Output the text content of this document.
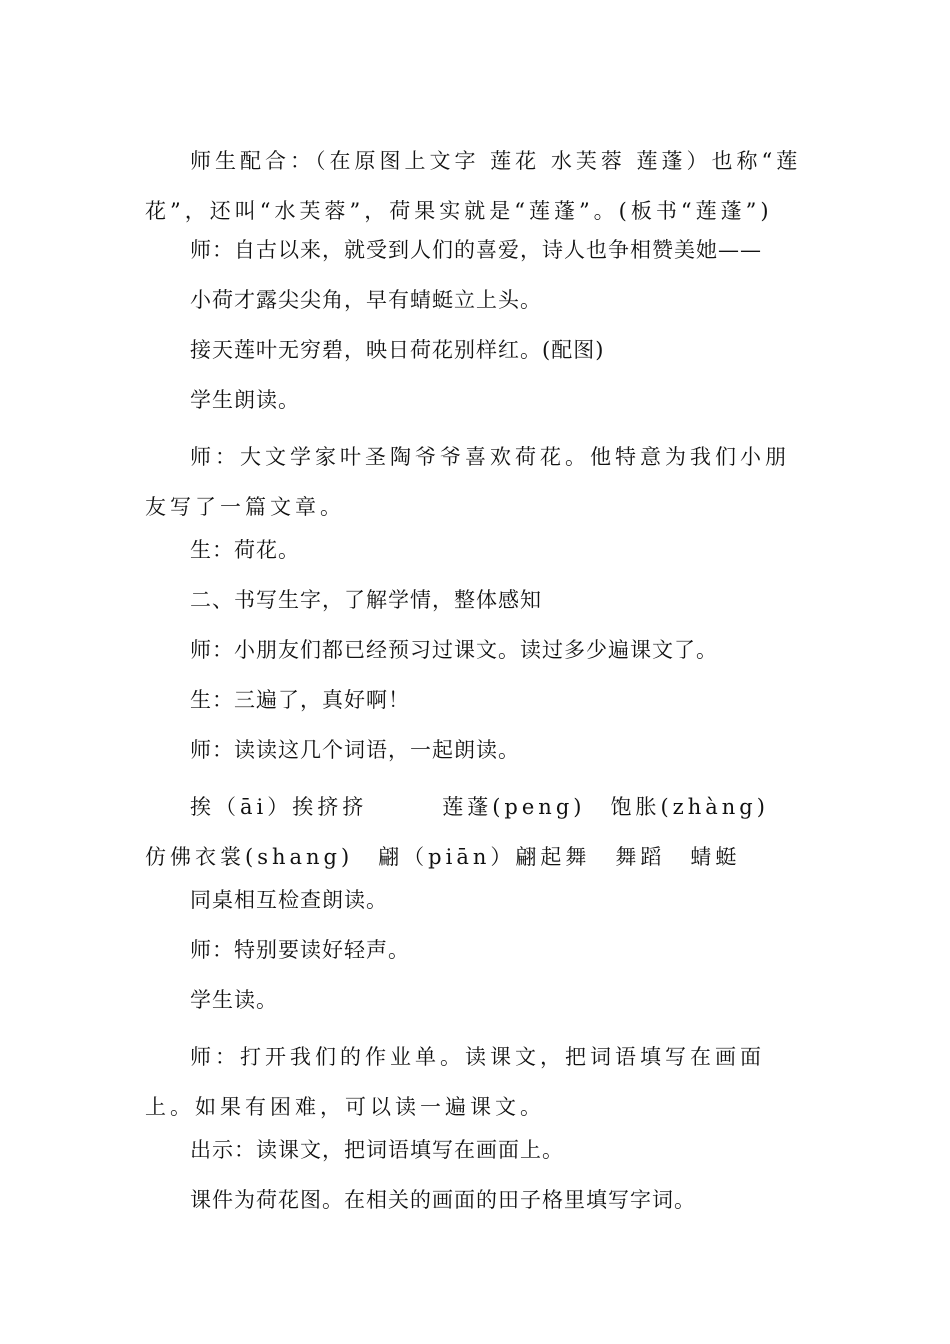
师生配合：（在原图上文字 莲花 水芙蓉 莲蓬）也称“莲花”，还叫“水芙蓉”，荷果实就是“莲蓬”。(板书“莲蓬”)
师：自古以来，就受到人们的喜爱，诗人也争相赞美她——
小荷才露尖尖角，早有蜻蜓立上头。
接天莲叶无穷碧，映日荷花别样红。(配图)
学生朗读。
师：大文学家叶圣陶爷爷喜欢荷花。他特意为我们小朋友写了一篇文章。
生：荷花。
二、书写生字，了解学情，整体感知
师：小朋友们都已经预习过课文。读过多少遍课文了。
生：三遍了，真好啊！
师：读读这几个词语，一起朗读。
挨（āi）挨挤挤　　　莲蓬(peng)　饱胀(zhàng)　仿佛衣裳(shang)　翩（piān）翩起舞　舞蹈　蜻蜓
同桌相互检查朗读。
师：特别要读好轻声。
学生读。
师：打开我们的作业单。读课文，把词语填写在画面上。如果有困难，可以读一遍课文。
出示：读课文，把词语填写在画面上。
课件为荷花图。在相关的画面的田子格里填写字词。
